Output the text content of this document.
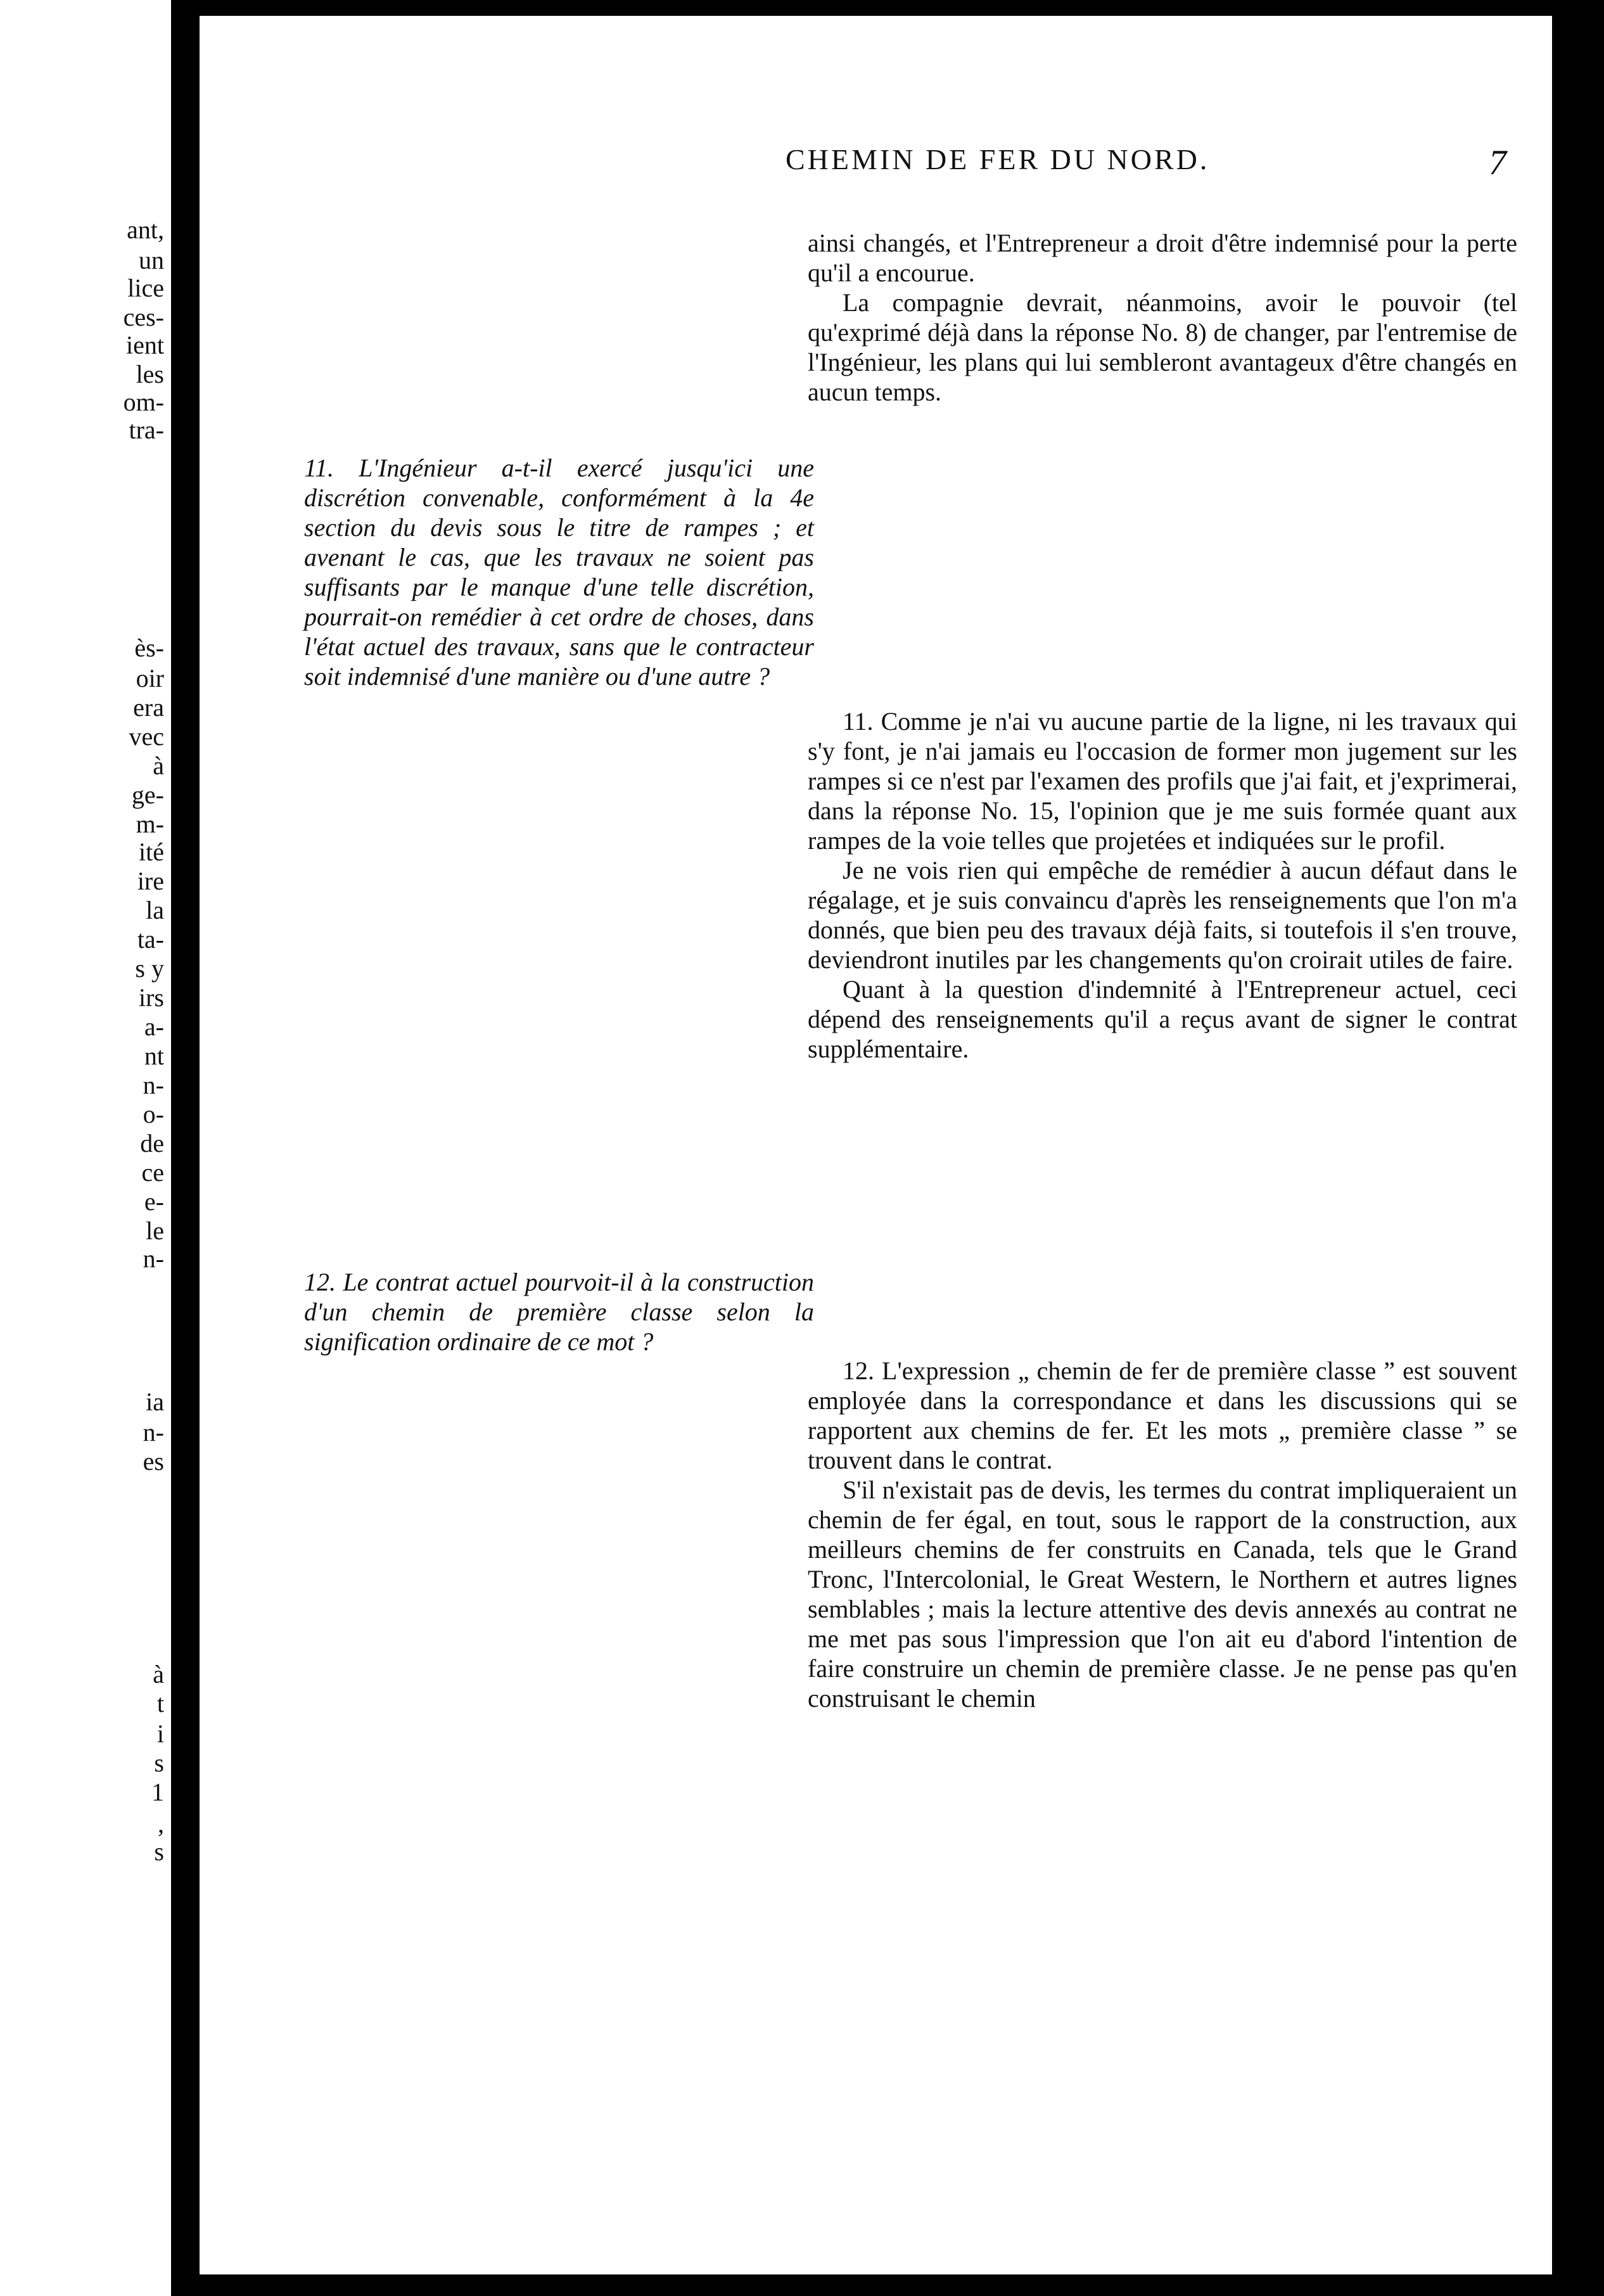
ant,
un
lice
ces-
ient
les
om-
tra-
ès-
oir
era
vec
à
ge-
m-
ité
ire
la
ta-
s y
irs
a-
nt
n-
o-
de
ce
e-
le
n-
ia
n-
es
à
t
i
s
1
,
s
CHEMIN DE FER DU NORD.	7

ainsi changés, et l'Entrepreneur a droit d'être indemnisé pour la perte qu'il a encourue.

La compagnie devrait, néanmoins, avoir le pouvoir (tel qu'exprimé déjà dans la réponse No. 8) de changer, par l'entremise de l'Ingénieur, les plans qui lui sembleront avantageux d'être changés en aucun temps.

11. L'Ingénieur a-t-il exercé jusqu'ici une discrétion convenable, conformément à la 4e section du devis sous le titre de rampes ; et avenant le cas, que les travaux ne soient pas suffisants par le manque d'une telle discrétion, pourrait-on remédier à cet ordre de choses, dans l'état actuel des travaux, sans que le contracteur soit indemnisé d'une manière ou d'une autre ?

11. Comme je n'ai vu aucune partie de la ligne, ni les travaux qui s'y font, je n'ai jamais eu l'occasion de former mon jugement sur les rampes si ce n'est par l'examen des profils que j'ai fait, et j'exprimerai, dans la réponse No. 15, l'opinion que je me suis formée quant aux rampes de la voie telles que projetées et indiquées sur le profil.

Je ne vois rien qui empêche de remédier à aucun défaut dans le régalage, et je suis convaincu d'après les renseignements que l'on m'a donnés, que bien peu des travaux déjà faits, si toutefois il s'en trouve, deviendront inutiles par les changements qu'on croirait utiles de faire.

Quant à la question d'indemnité à l'Entrepreneur actuel, ceci dépend des renseignements qu'il a reçus avant de signer le contrat supplémentaire.

12. Le contrat actuel pourvoit-il à la construction d'un chemin de première classe selon la signification ordinaire de ce mot ?

12. L'expression „ chemin de fer de première classe ” est souvent employée dans la correspondance et dans les discussions qui se rapportent aux chemins de fer. Et les mots „ première classe ” se trouvent dans le contrat.

S'il n'existait pas de devis, les termes du contrat impliqueraient un chemin de fer égal, en tout, sous le rapport de la construction, aux meilleurs chemins de fer construits en Canada, tels que le Grand Tronc, l'Intercolonial, le Great Western, le Northern et autres lignes semblables ; mais la lecture attentive des devis annexés au contrat ne me met pas sous l'impression que l'on ait eu d'abord l'intention de faire construire un chemin de première classe. Je ne pense pas qu'en construisant le chemin
